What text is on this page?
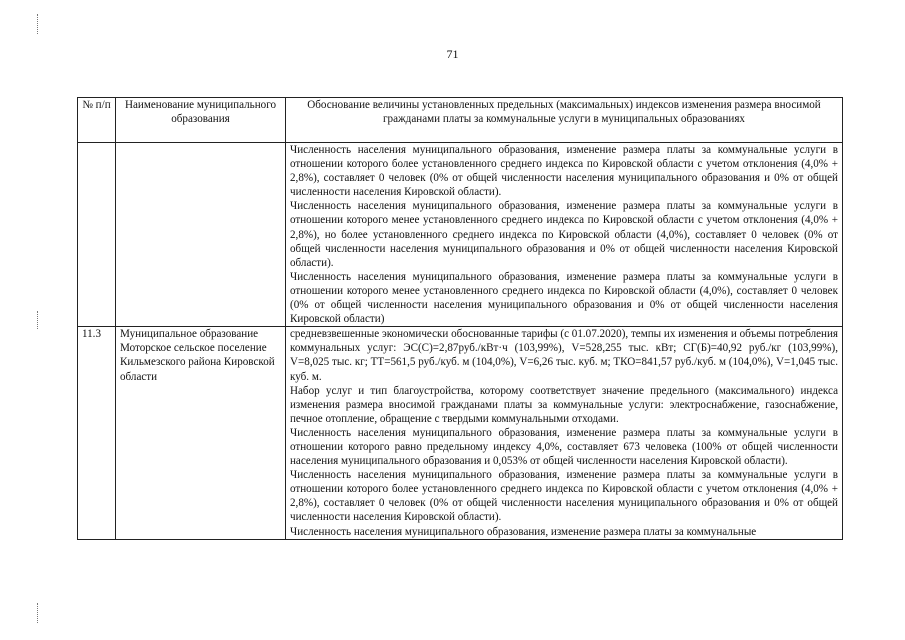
71
№ п/п	Наименование муниципального образования	Обоснование величины установленных предельных (максимальных) индексов изменения размера вносимой гражданами платы за коммунальные услуги в муниципальных образованиях

		Численность населения муниципального образования, изменение размера платы за коммунальные услуги в отношении которого более установленного среднего индекса по Кировской области с учетом отклонения (4,0% + 2,8%), составляет 0 человек (0% от общей численности населения муниципального образования и 0% от общей численности населения Кировской области).

Численность населения муниципального образования, изменение размера платы за коммунальные услуги в отношении которого менее установленного среднего индекса по Кировской области с учетом отклонения (4,0% + 2,8%), но более установленного среднего индекса по Кировской области (4,0%), составляет 0 человек (0% от общей численности населения муниципального образования и 0% от общей численности населения Кировской области).

Численность населения муниципального образования, изменение размера платы за коммунальные услуги в отношении которого менее установленного среднего индекса по Кировской области (4,0%), составляет 0 человек (0% от общей численности населения муниципального образования и 0% от общей численности населения Кировской области)

11.3	Муниципальное образование Моторское сельское поселение Кильмезского района Кировской области	средневзвешенные экономически обоснованные тарифы (с 01.07.2020), темпы их изменения и объемы потребления коммунальных услуг: ЭС(С)=2,87руб./кВт·ч (103,99%), V=528,255 тыс. кВт; СГ(Б)=40,92 руб./кг (103,99%), V=8,025 тыс. кг; ТТ=561,5 руб./куб. м (104,0%), V=6,26 тыс. куб. м; ТКО=841,57 руб./куб. м (104,0%), V=1,045 тыс. куб. м.

Набор услуг и тип благоустройства, которому соответствует значение предельного (максимального) индекса изменения размера вносимой гражданами платы за коммунальные услуги: электроснабжение, газоснабжение, печное отопление, обращение с твердыми коммунальными отходами.

Численность населения муниципального образования, изменение размера платы за коммунальные услуги в отношении которого равно предельному индексу 4,0%, составляет 673 человека (100% от общей численности населения муниципального образования и 0,053% от общей численности населения Кировской области).

Численность населения муниципального образования, изменение размера платы за коммунальные услуги в отношении которого более установленного среднего индекса по Кировской области с учетом отклонения (4,0% + 2,8%), составляет 0 человек (0% от общей численности населения муниципального образования и 0% от общей численности населения Кировской области).

Численность населения муниципального образования, изменение размера платы за коммунальные
